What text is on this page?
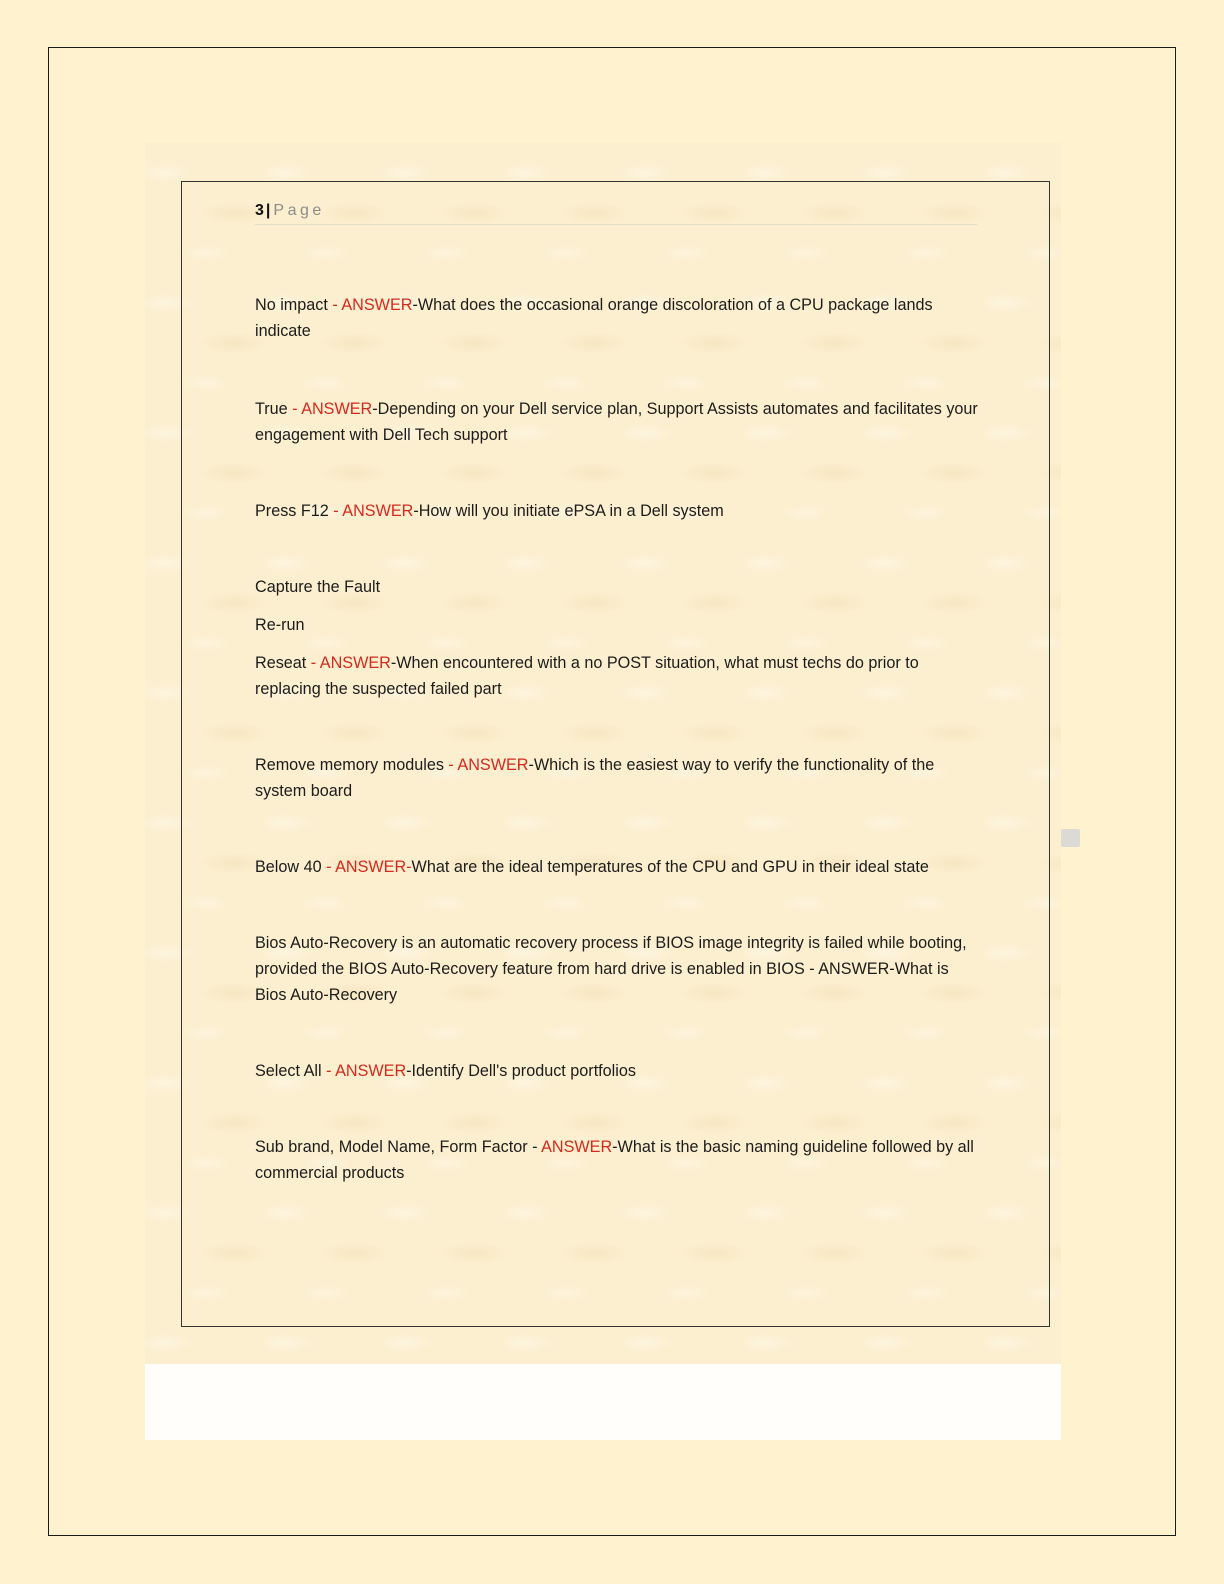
3 | Page

No impact - ANSWER-What does the occasional orange discoloration of a CPU package lands indicate

True - ANSWER-Depending on your Dell service plan, Support Assists automates and facilitates your engagement with Dell Tech support

Press F12 - ANSWER-How will you initiate ePSA in a Dell system

Capture the Fault

Re-run

Reseat - ANSWER-When encountered with a no POST situation, what must techs do prior to replacing the suspected failed part

Remove memory modules - ANSWER-Which is the easiest way to verify the functionality of the system board

Below 40 - ANSWER-What are the ideal temperatures of the CPU and GPU in their ideal state

Bios Auto-Recovery is an automatic recovery process if BIOS image integrity is failed while booting, provided the BIOS Auto-Recovery feature from hard drive is enabled in BIOS - ANSWER-What is Bios Auto-Recovery

Select All - ANSWER-Identify Dell's product portfolios

Sub brand, Model Name, Form Factor - ANSWER-What is the basic naming guideline followed by all commercial products
